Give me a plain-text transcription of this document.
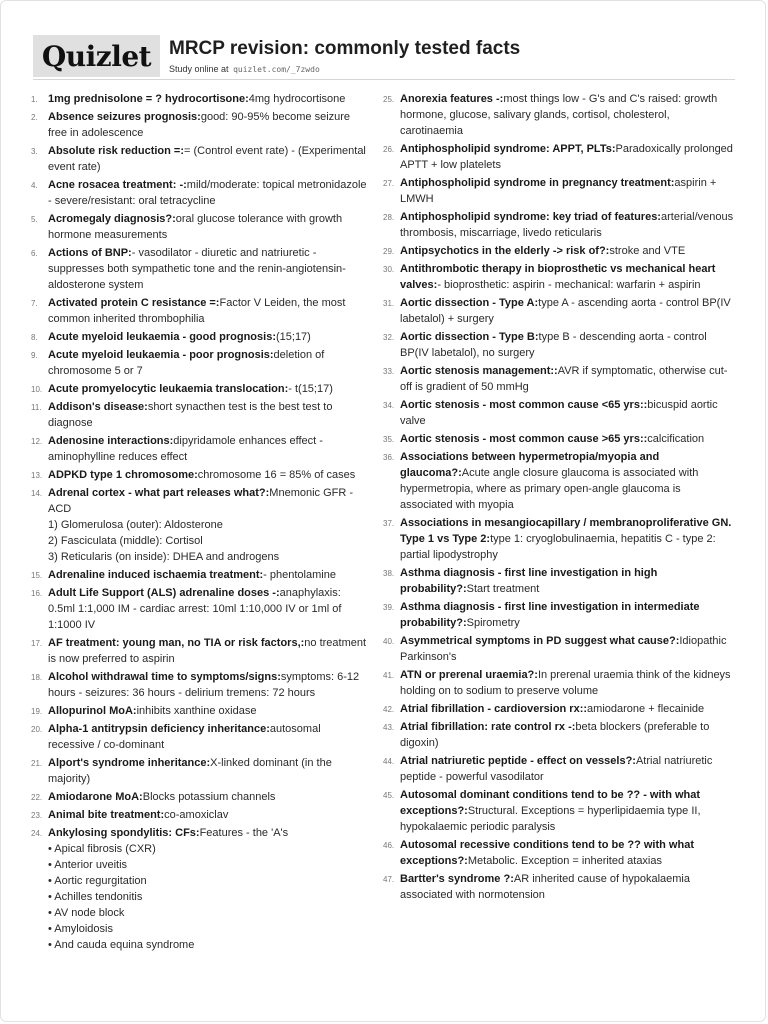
Quizlet MRCP revision: commonly tested facts
Study online at quizlet.com/_7zwdo
1. 1mg prednisolone = ? hydrocortisone:4mg hydrocortisone
2. Absence seizures prognosis:good: 90-95% become seizure free in adolescence
3. Absolute risk reduction =:= (Control event rate) - (Experimental event rate)
4. Acne rosacea treatment: -:mild/moderate: topical metronidazole - severe/resistant: oral tetracycline
5. Acromegaly diagnosis?:oral glucose tolerance with growth hormone measurements
6. Actions of BNP:- vasodilator - diuretic and natriuretic - suppresses both sympathetic tone and the renin-angiotensin-aldosterone system
7. Activated protein C resistance =:Factor V Leiden, the most common inherited thrombophilia
8. Acute myeloid leukaemia - good prognosis:(15;17)
9. Acute myeloid leukaemia - poor prognosis:deletion of chromosome 5 or 7
10. Acute promyelocytic leukaemia translocation:- t(15;17)
11. Addison's disease:short synacthen test is the best test to diagnose
12. Adenosine interactions:dipyridamole enhances effect - aminophylline reduces effect
13. ADPKD type 1 chromosome:chromosome 16 = 85% of cases
14. Adrenal cortex - what part releases what?:Mnemonic GFR - ACD
1) Glomerulosa (outer): Aldosterone
2) Fasciculata (middle): Cortisol
3) Reticularis (on inside): DHEA and androgens
15. Adrenaline induced ischaemia treatment:- phentolamine
16. Adult Life Support (ALS) adrenaline doses -:anaphylaxis: 0.5ml 1:1,000 IM - cardiac arrest: 10ml 1:10,000 IV or 1ml of 1:1000 IV
17. AF treatment: young man, no TIA or risk factors,:no treatment is now preferred to aspirin
18. Alcohol withdrawal time to symptoms/signs:symptoms: 6-12 hours - seizures: 36 hours - delirium tremens: 72 hours
19. Allopurinol MoA:inhibits xanthine oxidase
20. Alpha-1 antitrypsin deficiency inheritance:autosomal recessive / co-dominant
21. Alport's syndrome inheritance:X-linked dominant (in the majority)
22. Amiodarone MoA:Blocks potassium channels
23. Animal bite treatment:co-amoxiclav
24. Ankylosing spondylitis: CFs:Features - the 'A's
• Apical fibrosis (CXR)
• Anterior uveitis
• Aortic regurgitation
• Achilles tendonitis
• AV node block
• Amyloidosis
• And cauda equina syndrome
25. Anorexia features -:most things low - G's and C's raised: growth hormone, glucose, salivary glands, cortisol, cholesterol, carotinaemia
26. Antiphospholipid syndrome: APPT, PLTs:Paradoxically prolonged APTT + low platelets
27. Antiphospholipid syndrome in pregnancy treatment:aspirin + LMWH
28. Antiphospholipid syndrome: key triad of features:arterial/venous thrombosis, miscarriage, livedo reticularis
29. Antipsychotics in the elderly -> risk of?:stroke and VTE
30. Antithrombotic therapy in bioprosthetic vs mechanical heart valves:- bioprosthetic: aspirin - mechanical: warfarin + aspirin
31. Aortic dissection - Type A:type A - ascending aorta - control BP(IV labetalol) + surgery
32. Aortic dissection - Type B:type B - descending aorta - control BP(IV labetalol), no surgery
33. Aortic stenosis management::AVR if symptomatic, otherwise cut-off is gradient of 50 mmHg
34. Aortic stenosis - most common cause <65 yrs::bicuspid aortic valve
35. Aortic stenosis - most common cause >65 yrs::calcification
36. Associations between hypermetropia/myopia and glaucoma?:Acute angle closure glaucoma is associated with hypermetropia, where as primary open-angle glaucoma is associated with myopia
37. Associations in mesangiocapillary / membranoproliferative GN. Type 1 vs Type 2:type 1: cryoglobulinaemia, hepatitis C - type 2: partial lipodystrophy
38. Asthma diagnosis - first line investigation in high probability?:Start treatment
39. Asthma diagnosis - first line investigation in intermediate probability?:Spirometry
40. Asymmetrical symptoms in PD suggest what cause?:Idiopathic Parkinson's
41. ATN or prerenal uraemia?:In prerenal uraemia think of the kidneys holding on to sodium to preserve volume
42. Atrial fibrillation - cardioversion rx::amiodarone + flecainide
43. Atrial fibrillation: rate control rx -:beta blockers (preferable to digoxin)
44. Atrial natriuretic peptide - effect on vessels?:Atrial natriuretic peptide - powerful vasodilator
45. Autosomal dominant conditions tend to be ?? - with what exceptions?:Structural. Exceptions = hyperlipidaemia type II, hypokalaemic periodic paralysis
46. Autosomal recessive conditions tend to be ?? with what exceptions?:Metabolic. Exception = inherited ataxias
47. Bartter's syndrome ?:AR inherited cause of hypokalaemia associated with normotension
